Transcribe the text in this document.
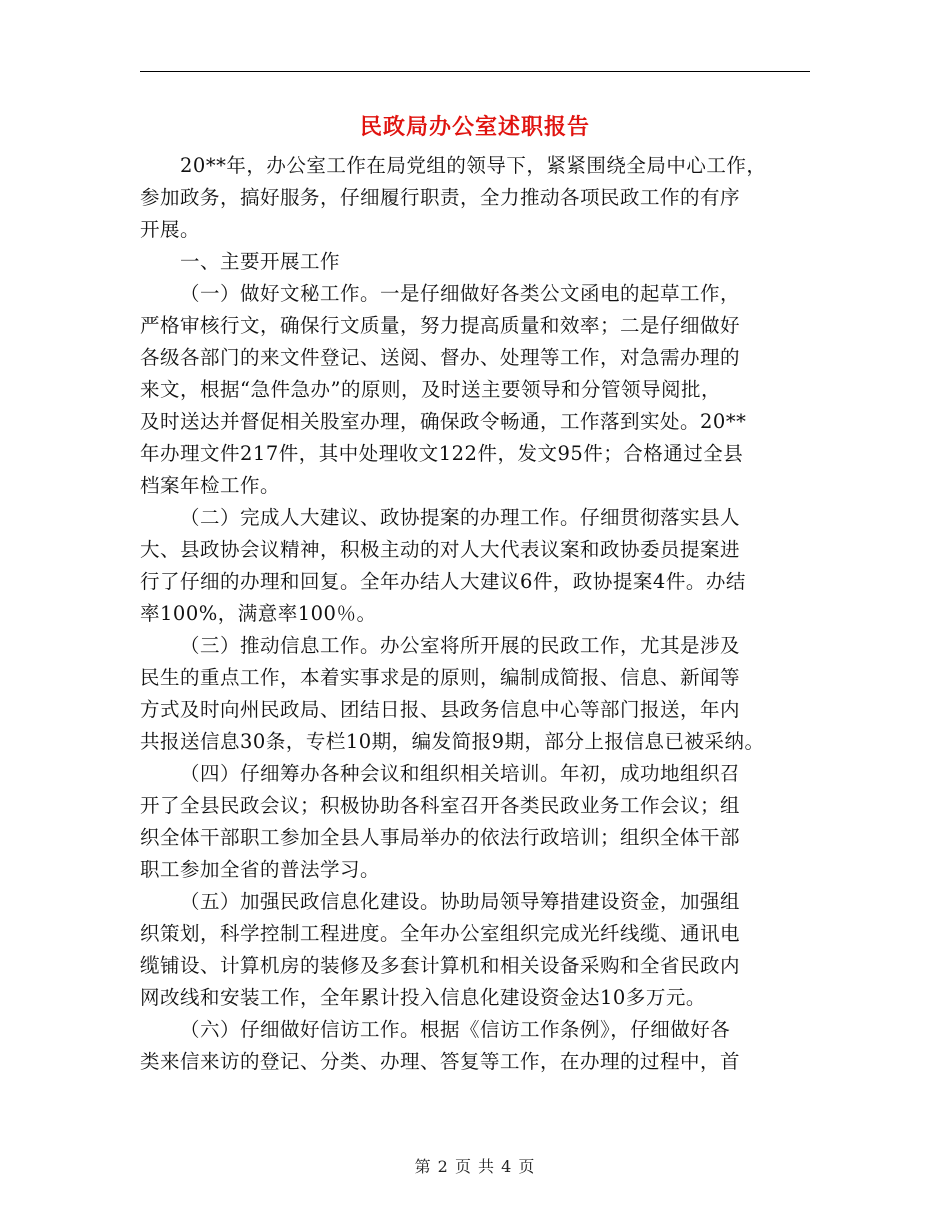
民政局办公室述职报告
20**年，办公室工作在局党组的领导下，紧紧围绕全局中心工作，
参加政务，搞好服务，仔细履行职责，全力推动各项民政工作的有序
开展。
一、主要开展工作
（一）做好文秘工作。一是仔细做好各类公文函电的起草工作，
严格审核行文，确保行文质量，努力提高质量和效率；二是仔细做好
各级各部门的来文件登记、送阅、督办、处理等工作，对急需办理的
来文，根据“急件急办”的原则，及时送主要领导和分管领导阅批，
及时送达并督促相关股室办理，确保政令畅通，工作落到实处。20**
年办理文件217件，其中处理收文122件，发文95件；合格通过全县
档案年检工作。
（二）完成人大建议、政协提案的办理工作。仔细贯彻落实县人
大、县政协会议精神，积极主动的对人大代表议案和政协委员提案进
行了仔细的办理和回复。全年办结人大建议6件，政协提案4件。办结
率100%，满意率100％。
（三）推动信息工作。办公室将所开展的民政工作，尤其是涉及
民生的重点工作，本着实事求是的原则，编制成简报、信息、新闻等
方式及时向州民政局、团结日报、县政务信息中心等部门报送，年内
共报送信息30条，专栏10期，编发简报9期，部分上报信息已被采纳。
（四）仔细筹办各种会议和组织相关培训。年初，成功地组织召
开了全县民政会议；积极协助各科室召开各类民政业务工作会议；组
织全体干部职工参加全县人事局举办的依法行政培训；组织全体干部
职工参加全省的普法学习。
（五）加强民政信息化建设。协助局领导筹措建设资金，加强组
织策划，科学控制工程进度。全年办公室组织完成光纤线缆、通讯电
缆铺设、计算机房的装修及多套计算机和相关设备采购和全省民政内
网改线和安装工作，全年累计投入信息化建设资金达10多万元。
（六）仔细做好信访工作。根据《信访工作条例》，仔细做好各
类来信来访的登记、分类、办理、答复等工作，在办理的过程中，首
第 2 页 共 4 页
